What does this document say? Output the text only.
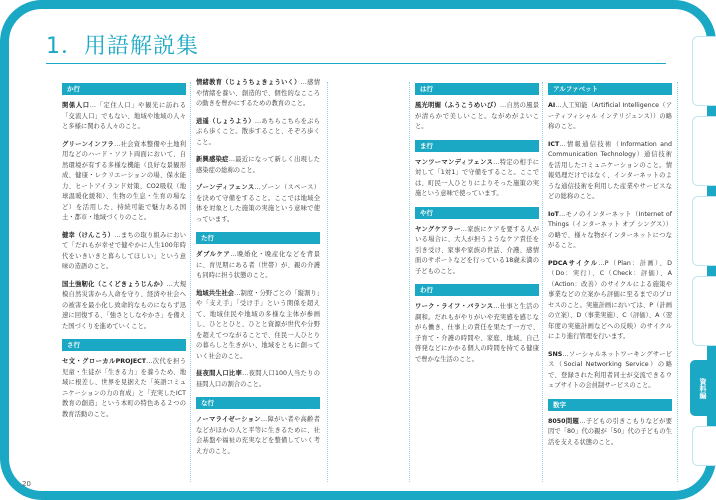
1．用語解説集
か行
関係人口…「定住人口」や観光に訪れる「交流人口」でもない、地域や地域の人々と多様に関わる人々のこと。
グリーンインフラ…社会資本整備や土地利用などのハード・ソフト両面において、自然環境が有する多様な機能（良好な景観形成、健康・レクリエーションの場、保水能力、ヒートアイランド対策、CO2吸収（地球温暖化緩和）、生物の生息・生育の場など）を活用した、持続可能で魅力ある国土・都市・地域づくりのこと。
健幸（けんこう）…まちの取り組みにおいて「だれもが幸せで健やかに人生100年時代をいきいきと暮らしてほしい」という意味の造語のこと。
国土強靭化（こくどきょうじんか）…大規模自然災害から人命を守り、経済や社会への被害を最小化し致命的なものにならず迅速に回復する、「強さとしなやかさ」を備えた国づくりを進めていくこと。
さ行
セ文・グローカルPROJECT…次代を担う児童・生徒が「生きる力」を養うため、地域に根差し、世界を見据えた「英語コミュニケーションの力の育成」と「充実したICT教育の創造」という本町の特色ある２つの教育活動のこと。
情緒教育（じょうちょきょういく）…感情や情緒を養い、創造的で、個性的なこころの動きを豊かにするための教育のこと。
逍遥（しょうよう）…あちらこちらをぶらぶら歩くこと。散歩すること、そぞろ歩くこと。
新興感染症…最近になって新しく出現した感染症の総称のこと。
ゾーンディフェンス…ゾーン（スペース）を決めて守備をすること。ここでは地域全体を対象とした施策の実施という意味で使っています。
た行
ダブルケア…晩婚化・晩産化などを背景に、育児期にある者（世帯）が、親の介護も同時に担う状態のこと。
地域共生社会…制度・分野ごとの「縦割り」や「支え手」「受け手」という関係を超えて、地域住民や地域の多様な主体が参画し、ひととひと、ひとと資源が世代や分野を超えてつながることで、住民一人ひとりの暮らしと生きがい、地域をともに創っていく社会のこと。
昼夜間人口比率…夜間人口100人当たりの昼間人口の割合のこと。
な行
ノーマライゼーション…障がい者や高齢者などがほかの人と平等に生きるために、社会基盤や福祉の充実などを整備していく考え方のこと。
は行
風光明媚（ふうこうめいび）…自然の風景が清らかで美しいこと。ながめがよいこと。
ま行
マンツーマンディフェンス…特定の相手に対して「1対1」で守備をすること。ここでは、町民一人ひとりによりそった施策の実施という意味で使っています。
や行
ヤングケアラー…家族にケアを要する人がいる場合に、大人が担うようなケア責任を引き受け、家事や家族の世話、介護、感情面のサポートなどを行っている18歳未満の子どものこと。
わ行
ワーク・ライフ・バランス…仕事と生活の調和。だれもがやりがいや充実感を感じながら働き、仕事上の責任を果たす一方で、子育て・介護の時間や、家庭、地域、自己啓発などにかかる個人の時間を持てる健康で豊かな生活のこと。
アルファベット
AI…人工知能（Artificial Intelligence（アーティフィシャル インテリジェンス））の略称のこと。
ICT…情報通信技術（Information and Communication Technology）通信技術を活用したコミュニケーションのこと。情報処理だけではなく、インターネットのような通信技術を利用した産業やサービスなどの総称のこと。
IoT…モノのインターネット（Internet of Things（インターネット オブ シングス））の略で、様々な物がインターネットにつながること。
PDCAサイクル…P（Plan：計画）、D（Do：実行）、C（Check：評価）、A（Action：改善）のサイクルによる施策や事業などの立案から評価に至るまでのプロセスのこと。実施計画においては、P（計画の立案）、D（事業実施）、C（評価）、A（翌年度の実施計画などへの反映）のサイクルにより進行管理を行います。
SNS…ソーシャルネットワーキングサービス（Social Networking Service）の略で、登録された利用者同士が交流できるウェブサイトの会員制サービスのこと。
数字
8050問題…子どもの引きこもりなどが要因で「80」代の親が「50」代の子どもの生活を支える状態のこと。
資料編
20
